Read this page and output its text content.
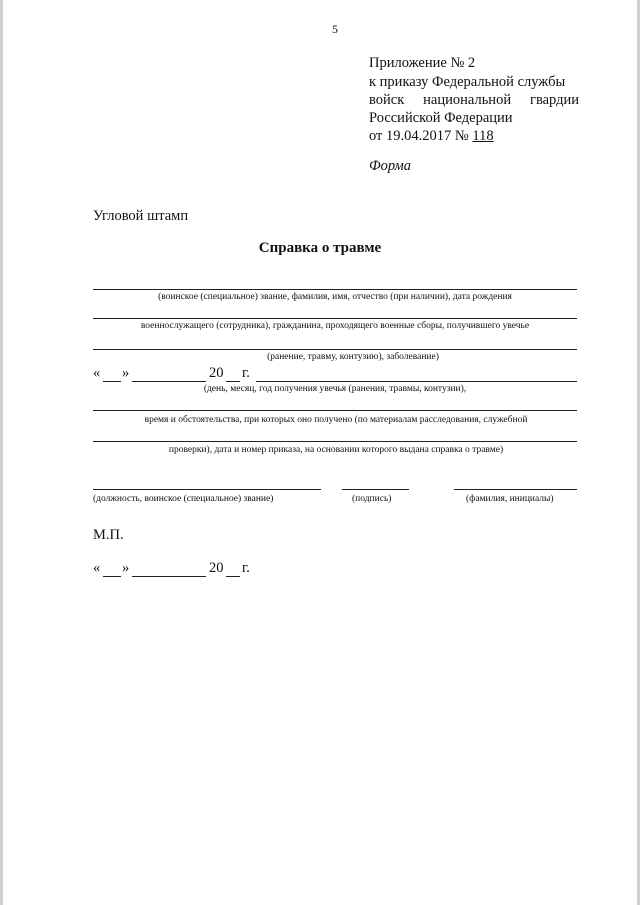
5
Приложение № 2
к приказу Федеральной службы
войск национальной гвардии
Российской Федерации
от 19.04.2017 № 118
Форма
Угловой штамп
Справка о травме
(воинское (специальное) звание, фамилия, имя, отчество (при наличии), дата рождения
военнослужащего (сотрудника), гражданина, проходящего военные сборы, получившего увечье
(ранение, травму, контузию), заболевание)
« »	20 г.
(день, месяц, год получения увечья (ранения, травмы, контузии),
время и обстоятельства, при которых оно получено (по материалам расследования, служебной
проверки), дата и номер приказа, на основании которого выдана справка о травме)
(должность, воинское (специальное) звание)	(подпись)	(фамилия, инициалы)
М.П.
« »	20 г.
